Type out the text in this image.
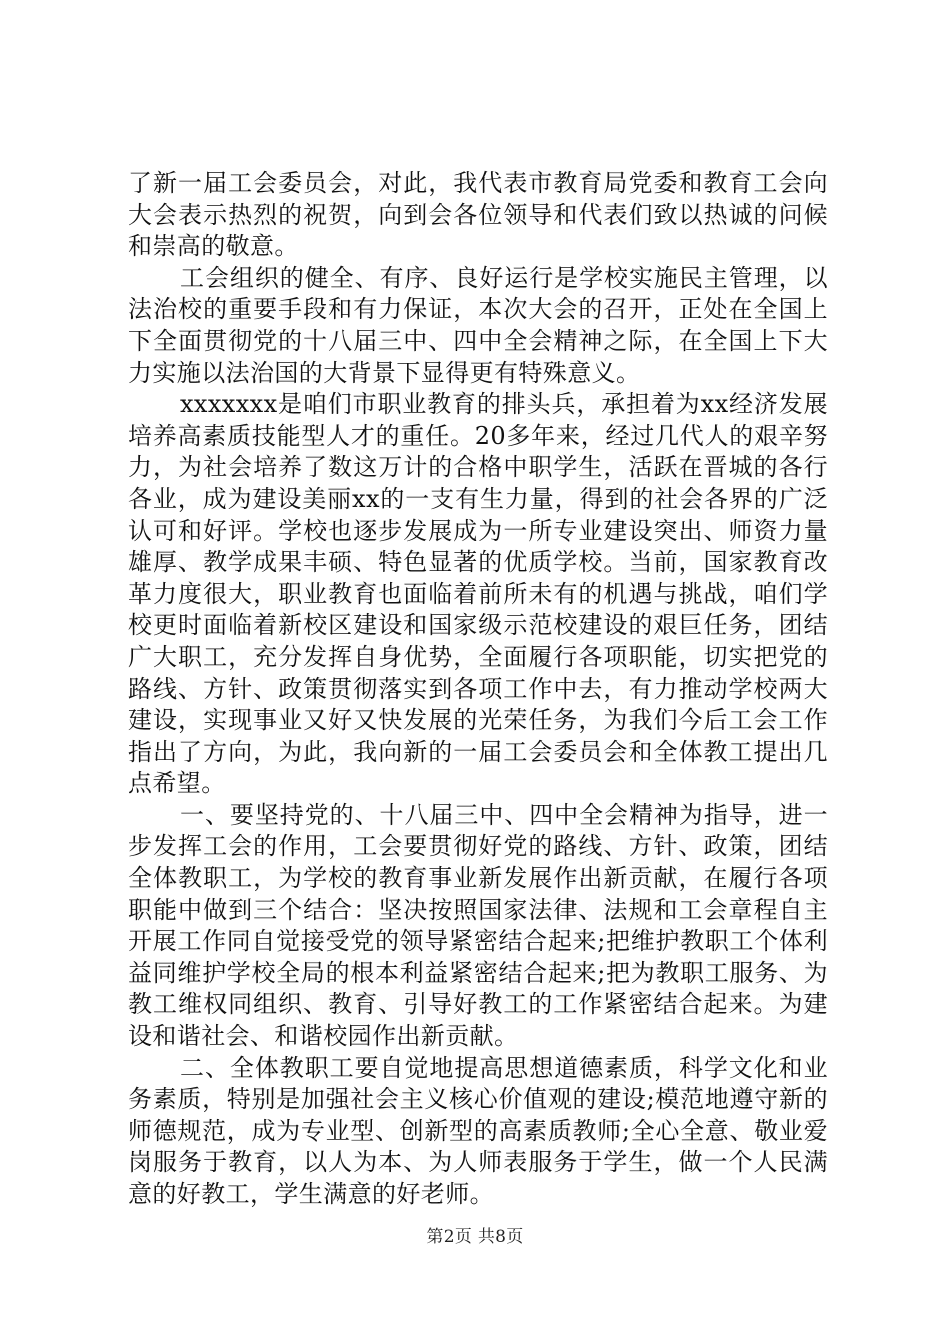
了新一届工会委员会，对此，我代表市教育局党委和教育工会向大会表示热烈的祝贺，向到会各位领导和代表们致以热诚的问候和崇高的敬意。

工会组织的健全、有序、良好运行是学校实施民主管理，以法治校的重要手段和有力保证，本次大会的召开，正处在全国上下全面贯彻党的十八届三中、四中全会精神之际，在全国上下大力实施以法治国的大背景下显得更有特殊意义。

xxxxxxx是咱们市职业教育的排头兵，承担着为xx经济发展培养高素质技能型人才的重任。20多年来，经过几代人的艰辛努力，为社会培养了数这万计的合格中职学生，活跃在晋城的各行各业，成为建设美丽xx的一支有生力量，得到的社会各界的广泛认可和好评。学校也逐步发展成为一所专业建设突出、师资力量雄厚、教学成果丰硕、特色显著的优质学校。当前，国家教育改革力度很大，职业教育也面临着前所未有的机遇与挑战，咱们学校更时面临着新校区建设和国家级示范校建设的艰巨任务，团结广大职工，充分发挥自身优势，全面履行各项职能，切实把党的路线、方针、政策贯彻落实到各项工作中去，有力推动学校两大建设，实现事业又好又快发展的光荣任务，为我们今后工会工作指出了方向，为此，我向新的一届工会委员会和全体教工提出几点希望。

一、要坚持党的、十八届三中、四中全会精神为指导，进一步发挥工会的作用，工会要贯彻好党的路线、方针、政策，团结全体教职工，为学校的教育事业新发展作出新贡献，在履行各项职能中做到三个结合：坚决按照国家法律、法规和工会章程自主开展工作同自觉接受党的领导紧密结合起来;把维护教职工个体利益同维护学校全局的根本利益紧密结合起来;把为教职工服务、为教工维权同组织、教育、引导好教工的工作紧密结合起来。为建设和谐社会、和谐校园作出新贡献。

二、全体教职工要自觉地提高思想道德素质，科学文化和业务素质，特别是加强社会主义核心价值观的建设;模范地遵守新的师德规范，成为专业型、创新型的高素质教师;全心全意、敬业爱岗服务于教育，以人为本、为人师表服务于学生，做一个人民满意的好教工，学生满意的好老师。

第2页 共8页
